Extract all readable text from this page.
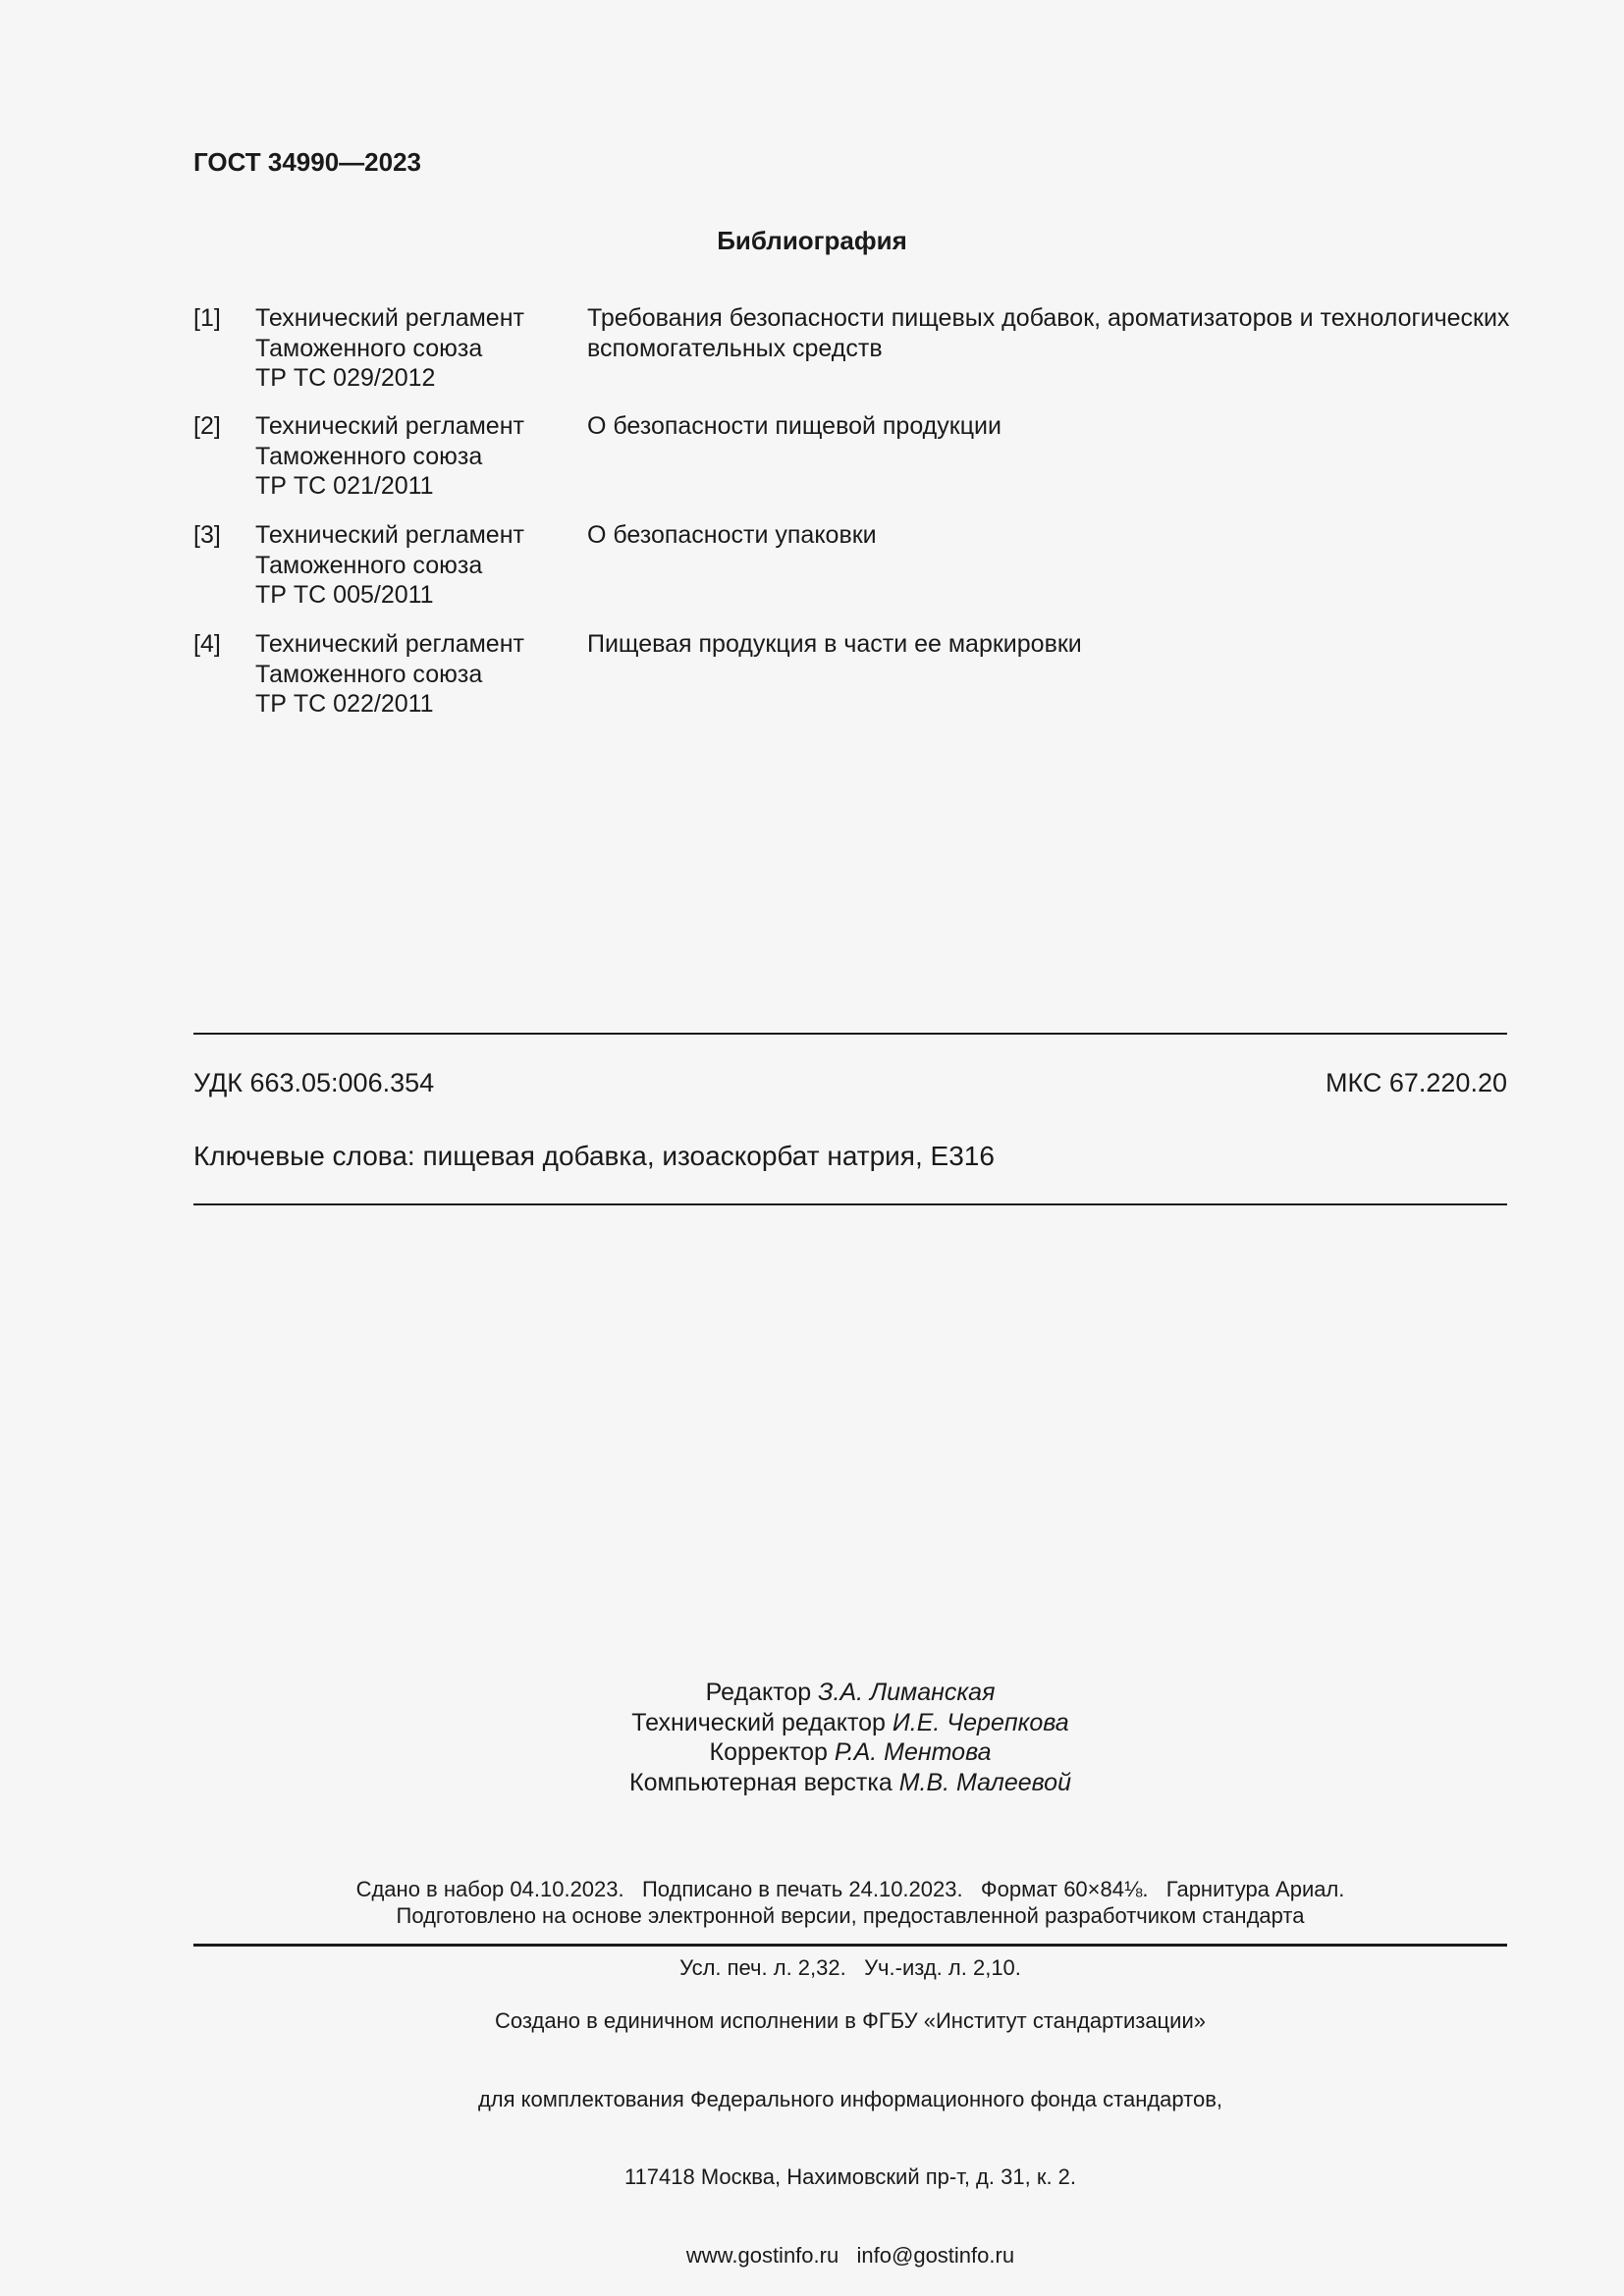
ГОСТ 34990—2023
Библиография
[1] Технический регламент
Таможенного союза
ТР ТС 029/2012
Требования безопасности пищевых добавок, ароматизаторов и технологических вспомогательных средств
[2] Технический регламент
Таможенного союза
ТР ТС 021/2011
О безопасности пищевой продукции
[3] Технический регламент
Таможенного союза
ТР ТС 005/2011
О безопасности упаковки
[4] Технический регламент
Таможенного союза
ТР ТС 022/2011
Пищевая продукция в части ее маркировки
УДК 663.05:006.354	МКС 67.220.20
Ключевые слова: пищевая добавка, изоаскорбат натрия, Е316
Редактор З.А. Лиманская
Технический редактор И.Е. Черепкова
Корректор Р.А. Ментова
Компьютерная верстка М.В. Малеевой

Сдано в набор 04.10.2023.   Подписано в печать 24.10.2023.   Формат 60×84⅛.   Гарнитура Ариал.

Усл. печ. л. 2,32.   Уч.-изд. л. 2,10.

Подготовлено на основе электронной версии, предоставленной разработчиком стандарта

Создано в единичном исполнении в ФГБУ «Институт стандартизации»

для комплектования Федерального информационного фонда стандартов,

117418 Москва, Нахимовский пр-т, д. 31, к. 2.

www.gostinfo.ru   info@gostinfo.ru
